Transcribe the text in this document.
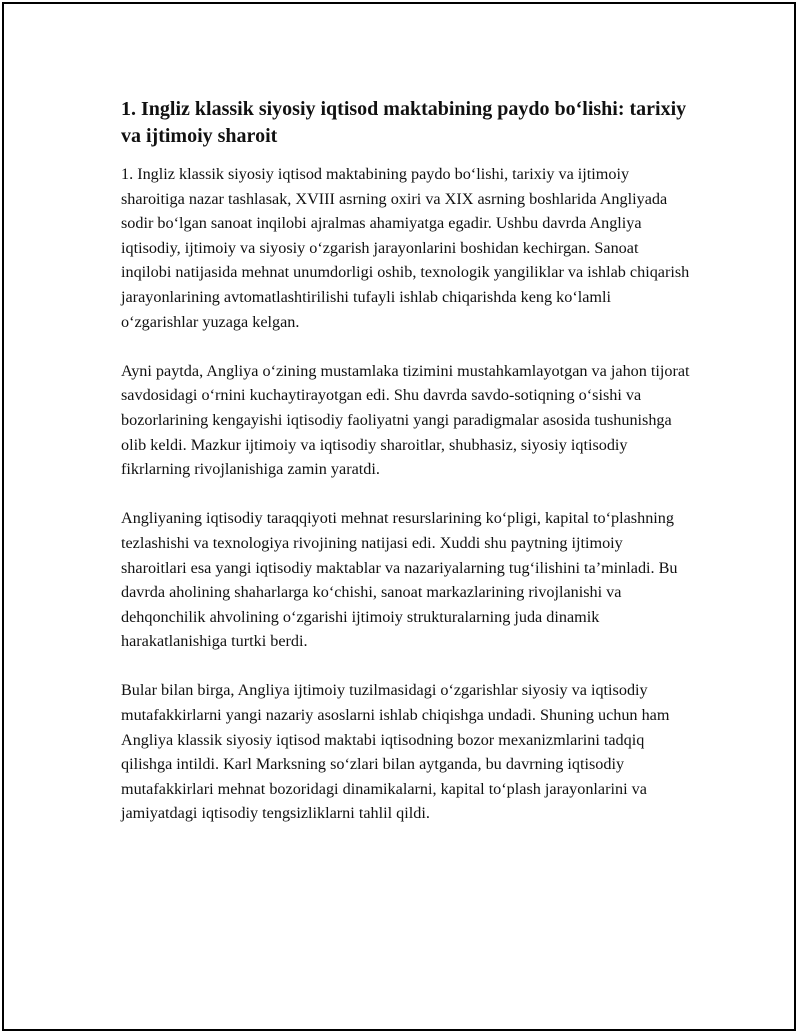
1. Ingliz klassik siyosiy iqtisod maktabining paydo bo‘lishi: tarixiy va ijtimoiy sharoit

1. Ingliz klassik siyosiy iqtisod maktabining paydo bo‘lishi, tarixiy va ijtimoiy sharoitiga nazar tashlasak, XVIII asrning oxiri va XIX asrning boshlarida Angliyada sodir bo‘lgan sanoat inqilobi ajralmas ahamiyatga egadir. Ushbu davrda Angliya iqtisodiy, ijtimoiy va siyosiy o‘zgarish jarayonlarini boshidan kechirgan. Sanoat inqilobi natijasida mehnat unumdorligi oshib, texnologik yangiliklar va ishlab chiqarish jarayonlarining avtomatlashtirilishi tufayli ishlab chiqarishda keng ko‘lamli o‘zgarishlar yuzaga kelgan.

Ayni paytda, Angliya o‘zining mustamlaka tizimini mustahkamlayotgan va jahon tijorat savdosidagi o‘rnini kuchaytirayotgan edi. Shu davrda savdo-sotiqning o‘sishi va bozorlarining kengayishi iqtisodiy faoliyatni yangi paradigmalar asosida tushunishga olib keldi. Mazkur ijtimoiy va iqtisodiy sharoitlar, shubhasiz, siyosiy iqtisodiy fikrlarning rivojlanishiga zamin yaratdi.

Angliyaning iqtisodiy taraqqiyoti mehnat resurslarining ko‘pligi, kapital to‘plashning tezlashishi va texnologiya rivojining natijasi edi. Xuddi shu paytning ijtimoiy sharoitlari esa yangi iqtisodiy maktablar va nazariyalarning tug‘ilishini ta’minladi. Bu davrda aholining shaharlarga ko‘chishi, sanoat markazlarining rivojlanishi va dehqonchilik ahvolining o‘zgarishi ijtimoiy strukturalarning juda dinamik harakatlanishiga turtki berdi.

Bular bilan birga, Angliya ijtimoiy tuzilmasidagi o‘zgarishlar siyosiy va iqtisodiy mutafakkirlarni yangi nazariy asoslarni ishlab chiqishga undadi. Shuning uchun ham Angliya klassik siyosiy iqtisod maktabi iqtisodning bozor mexanizmlarini tadqiq qilishga intildi. Karl Marksning so‘zlari bilan aytganda, bu davrning iqtisodiy mutafakkirlari mehnat bozoridagi dinamikalarni, kapital to‘plash jarayonlarini va jamiyatdagi iqtisodiy tengsizliklarni tahlil qildi.
